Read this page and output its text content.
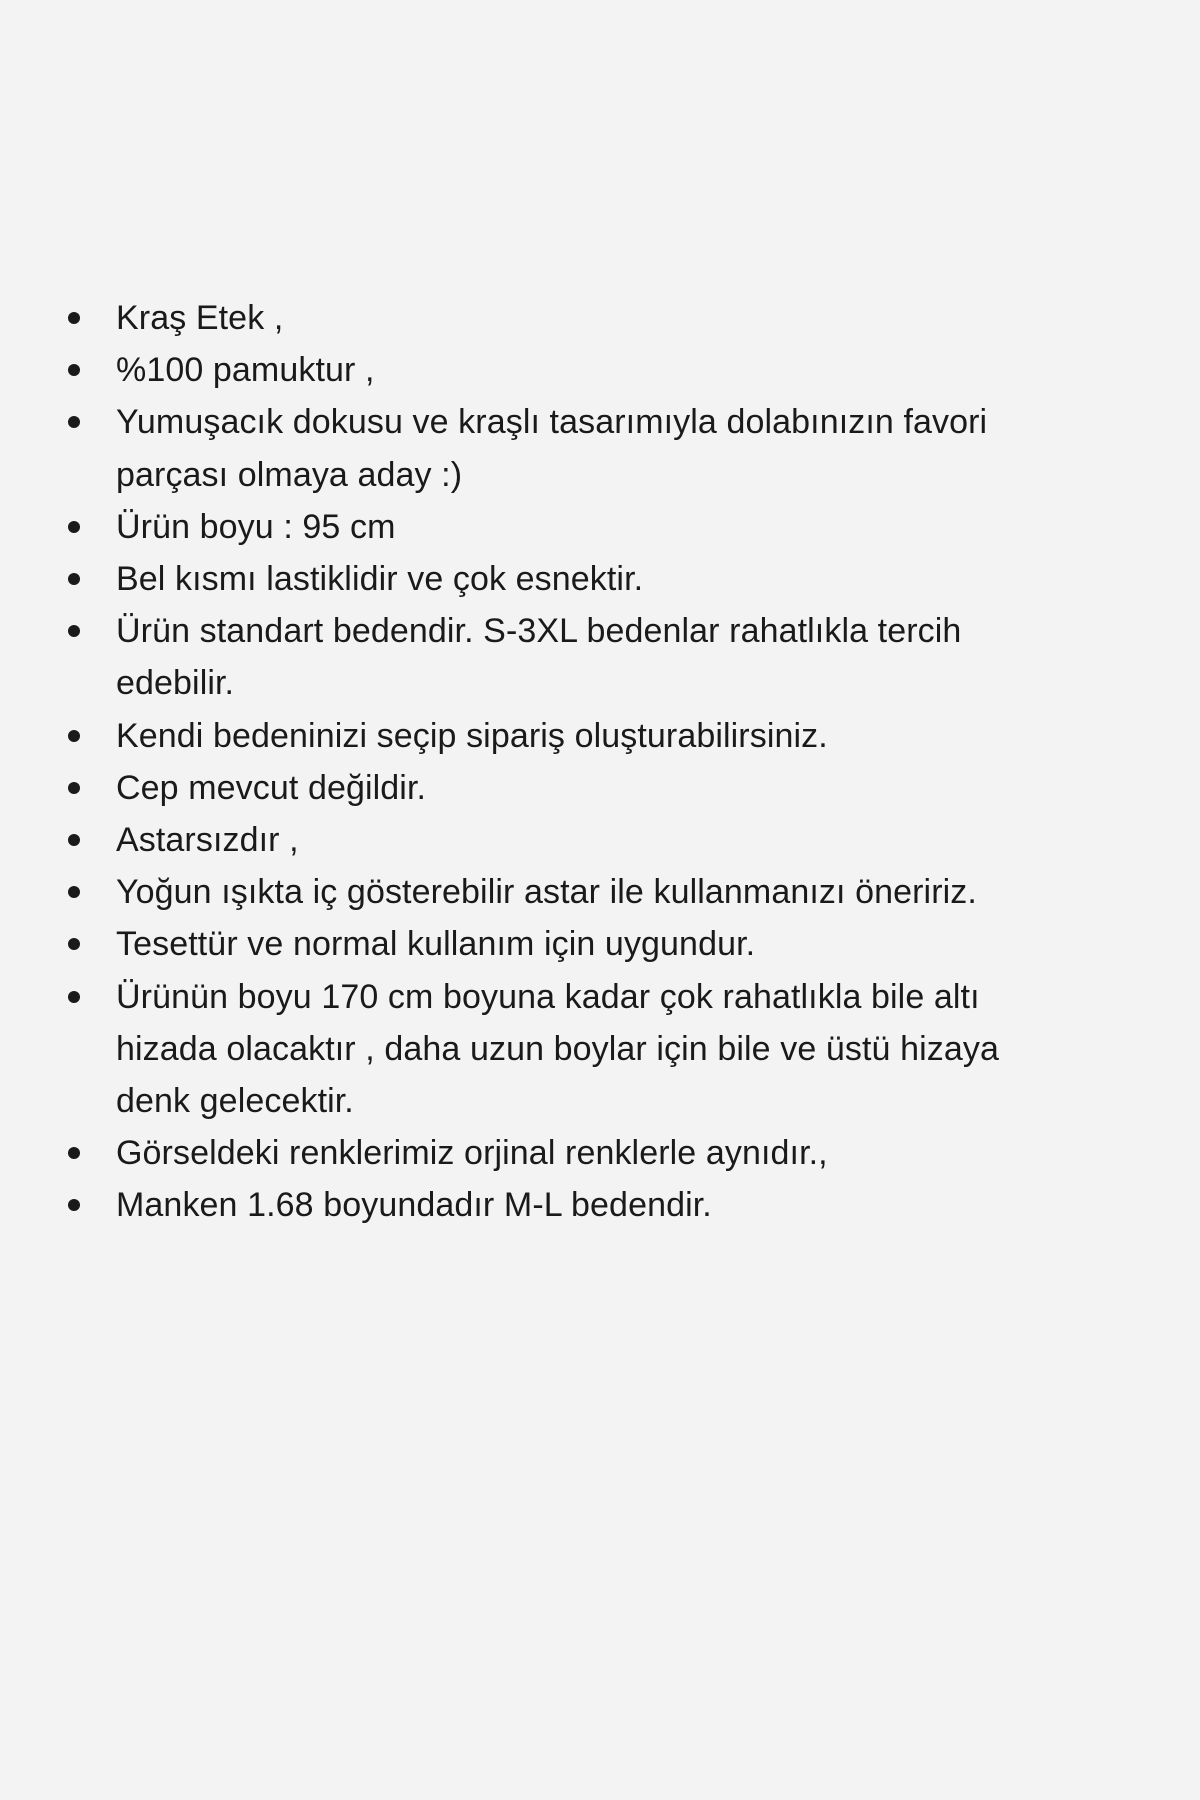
Kraş Etek ,
%100 pamuktur ,
Yumuşacık dokusu ve kraşlı tasarımıyla dolabınızın favori parçası olmaya aday :)
Ürün boyu : 95 cm
Bel kısmı lastiklidir ve çok esnektir.
Ürün standart bedendir. S-3XL bedenlar rahatlıkla tercih edebilir.
Kendi bedeninizi seçip sipariş oluşturabilirsiniz.
Cep mevcut değildir.
Astarsızdır ,
Yoğun ışıkta iç gösterebilir astar ile kullanmanızı öneririz.
Tesettür ve normal kullanım için uygundur.
Ürünün boyu 170 cm boyuna kadar çok rahatlıkla bile altı hizada olacaktır , daha uzun boylar için bile ve üstü hizaya denk gelecektir.
Görseldeki renklerimiz orjinal renklerle aynıdır.,
Manken 1.68 boyundadır M-L bedendir.
